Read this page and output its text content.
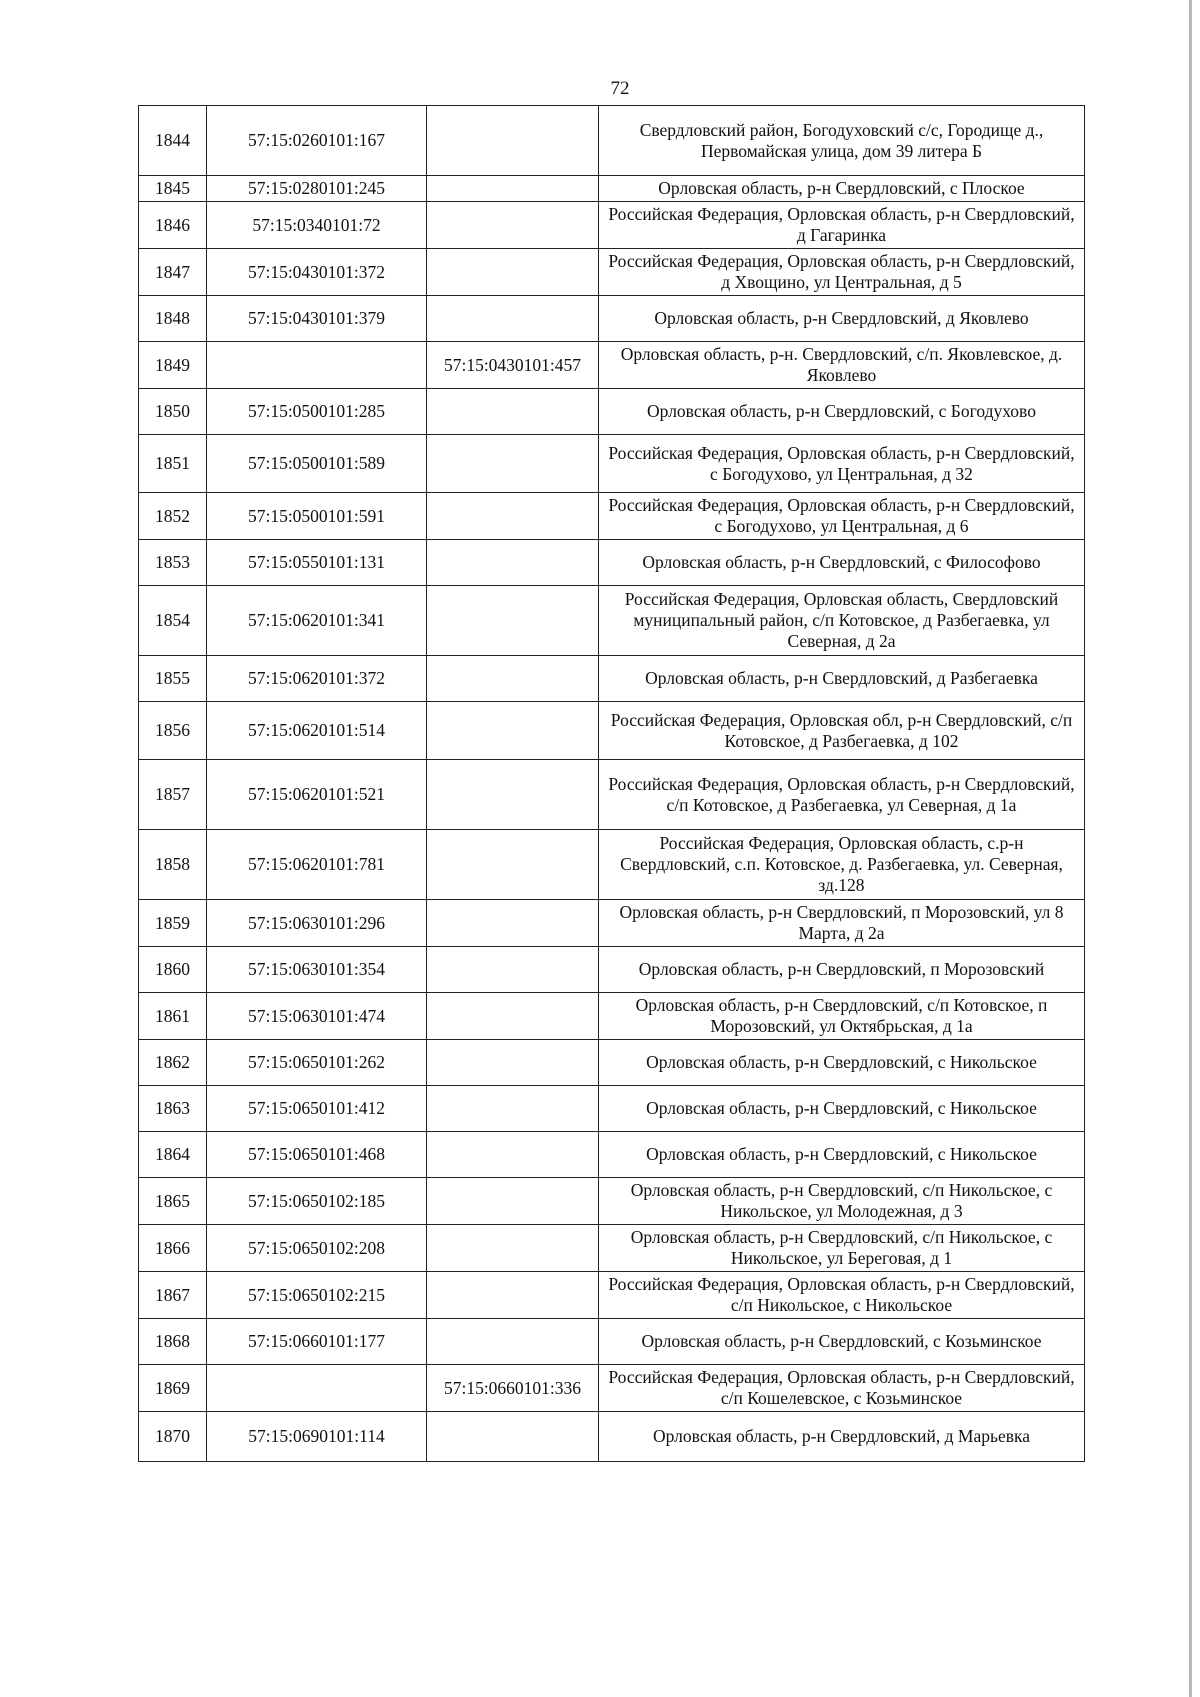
72
1844	57:15:0260101:167		Свердловский район, Богодуховский с/с, Городище д., Первомайская улица, дом 39 литера Б
1845	57:15:0280101:245		Орловская область, р-н Свердловский, с Плоское
1846	57:15:0340101:72		Российская Федерация, Орловская область, р-н Свердловский, д Гагаринка
1847	57:15:0430101:372		Российская Федерация, Орловская область, р-н Свердловский, д Хвощино, ул Центральная, д 5
1848	57:15:0430101:379		Орловская область, р-н Свердловский, д Яковлево
1849		57:15:0430101:457	Орловская область, р-н. Свердловский, с/п. Яковлевское, д. Яковлево
1850	57:15:0500101:285		Орловская область, р-н Свердловский, с Богодухово
1851	57:15:0500101:589		Российская Федерация, Орловская область, р-н Свердловский, с Богодухово, ул Центральная, д 32
1852	57:15:0500101:591		Российская Федерация, Орловская область, р-н Свердловский, с Богодухово, ул Центральная, д 6
1853	57:15:0550101:131		Орловская область, р-н Свердловский, с Философово
1854	57:15:0620101:341		Российская Федерация, Орловская область, Свердловский муниципальный район, с/п Котовское, д Разбегаевка, ул Северная, д 2а
1855	57:15:0620101:372		Орловская область, р-н Свердловский, д Разбегаевка
1856	57:15:0620101:514		Российская Федерация, Орловская обл, р-н Свердловский, с/п Котовское, д Разбегаевка, д 102
1857	57:15:0620101:521		Российская Федерация, Орловская область, р-н Свердловский, с/п Котовское, д Разбегаевка, ул Северная, д 1а
1858	57:15:0620101:781		Российская Федерация, Орловская область, с.р-н Свердловский, с.п. Котовское, д. Разбегаевка, ул. Северная, зд.128
1859	57:15:0630101:296		Орловская область, р-н Свердловский, п Морозовский, ул 8 Марта, д 2а
1860	57:15:0630101:354		Орловская область, р-н Свердловский, п Морозовский
1861	57:15:0630101:474		Орловская область, р-н Свердловский, с/п Котовское, п Морозовский, ул Октябрьская, д 1а
1862	57:15:0650101:262		Орловская область, р-н Свердловский, с Никольское
1863	57:15:0650101:412		Орловская область, р-н Свердловский, с Никольское
1864	57:15:0650101:468		Орловская область, р-н Свердловский, с Никольское
1865	57:15:0650102:185		Орловская область, р-н Свердловский, с/п Никольское, с Никольское, ул Молодежная, д 3
1866	57:15:0650102:208		Орловская область, р-н Свердловский, с/п Никольское, с Никольское, ул Береговая, д 1
1867	57:15:0650102:215		Российская Федерация, Орловская область, р-н Свердловский, с/п Никольское, с Никольское
1868	57:15:0660101:177		Орловская область, р-н Свердловский, с Козьминское
1869		57:15:0660101:336	Российская Федерация, Орловская область, р-н Свердловский, с/п Кошелевское, с Козьминское
1870	57:15:0690101:114		Орловская область, р-н Свердловский, д Марьевка
